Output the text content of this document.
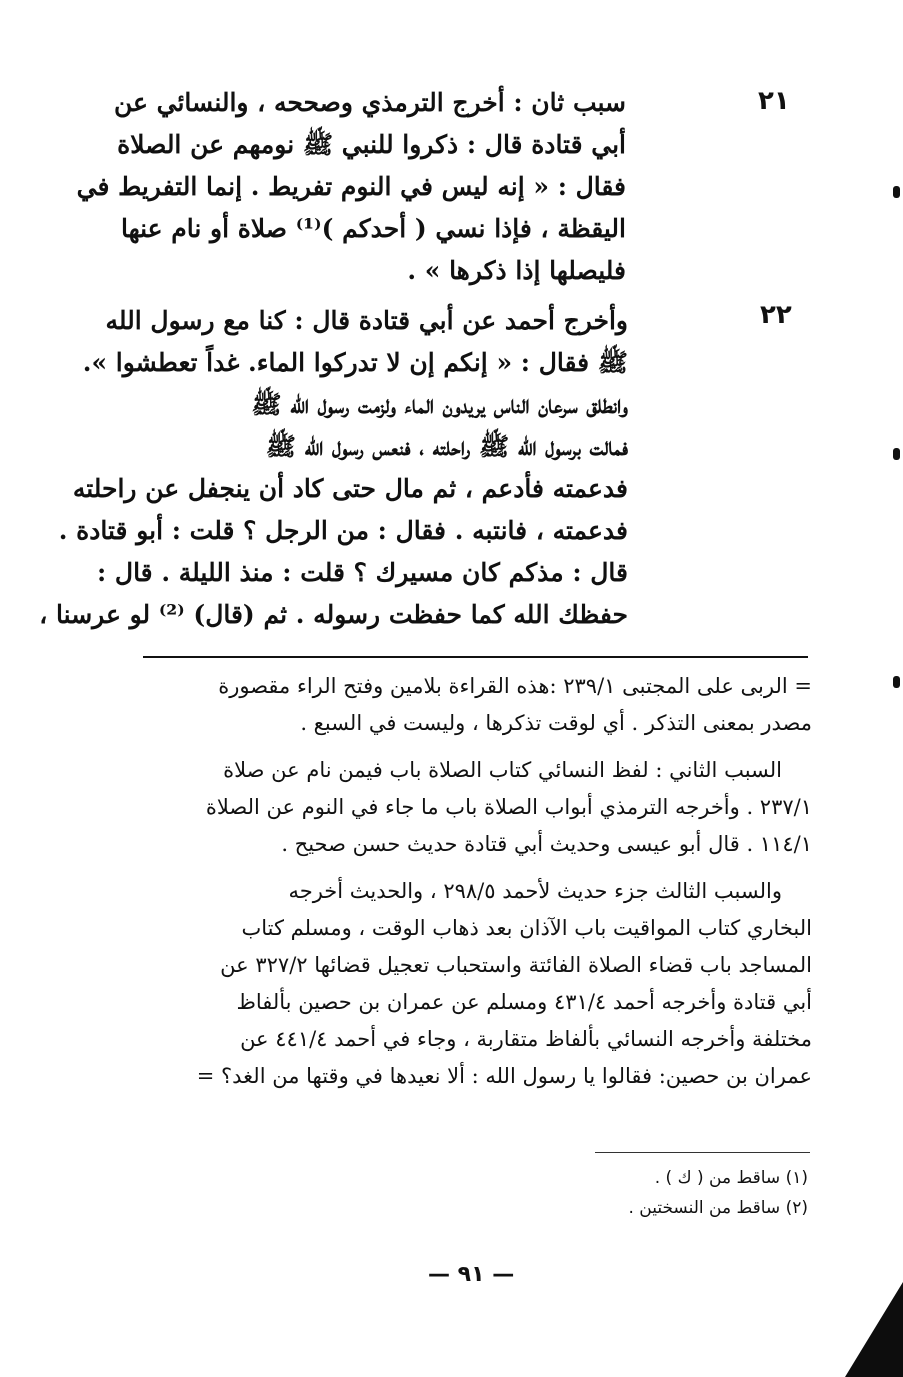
٢١
سبب ثان : أخرج الترمذي وصححه ، والنسائي عن
أبي قتادة قال : ذكروا للنبي ﷺ نومهم عن الصلاة
فقال : « إنه ليس في النوم تفريط . إنما التفريط في
اليقظة ، فإذا نسي ( أحدكم )⁽¹⁾ صلاة أو نام عنها
فليصلها إذا ذكرها » .
٢٢
وأخرج أحمد عن أبي قتادة قال : كنا مع رسول الله
ﷺ فقال : « إنكم إن لا تدركوا الماء. غداً تعطشوا ».
وانطلق سرعان الناس يريدون الماء ولزمت رسول الله ﷺ
فمالت برسول الله ﷺ راحلته ، فنعس رسول الله ﷺ
فدعمته فأدعم ، ثم مال حتى كاد أن ينجفل عن راحلته
فدعمته ، فانتبه . فقال : من الرجل ؟ قلت : أبو قتادة .
قال : مذكم كان مسيرك ؟ قلت : منذ الليلة . قال :
حفظك الله كما حفظت رسوله . ثم (قال) ⁽²⁾ لو عرسنا ،
= الربى على المجتبى ٢٣٩/١ :هذه القراءة بلامين وفتح الراء مقصورة
مصدر بمعنى التذكر . أي لوقت تذكرها ، وليست في السبع .
السبب الثاني : لفظ النسائي كتاب الصلاة باب فيمن نام عن صلاة
٢٣٧/١ . وأخرجه الترمذي أبواب الصلاة باب ما جاء في النوم عن الصلاة
١١٤/١ . قال أبو عيسى وحديث أبي قتادة حديث حسن صحيح .
والسبب الثالث جزء حديث لأحمد ٢٩٨/٥ ، والحديث أخرجه
البخاري كتاب المواقيت باب الآذان بعد ذهاب الوقت ، ومسلم كتاب
المساجد باب قضاء الصلاة الفائتة واستحباب تعجيل قضائها ٣٢٧/٢ عن
أبي قتادة وأخرجه أحمد ٤٣١/٤ ومسلم عن عمران بن حصين بألفاظ
مختلفة وأخرجه النسائي بألفاظ متقاربة ، وجاء في أحمد ٤٤١/٤ عن
عمران بن حصين: فقالوا يا رسول الله : ألا نعيدها في وقتها من الغد؟ =
(١) ساقط من ( ك ) .
(٢) ساقط من النسختين .
— ٩١ —
